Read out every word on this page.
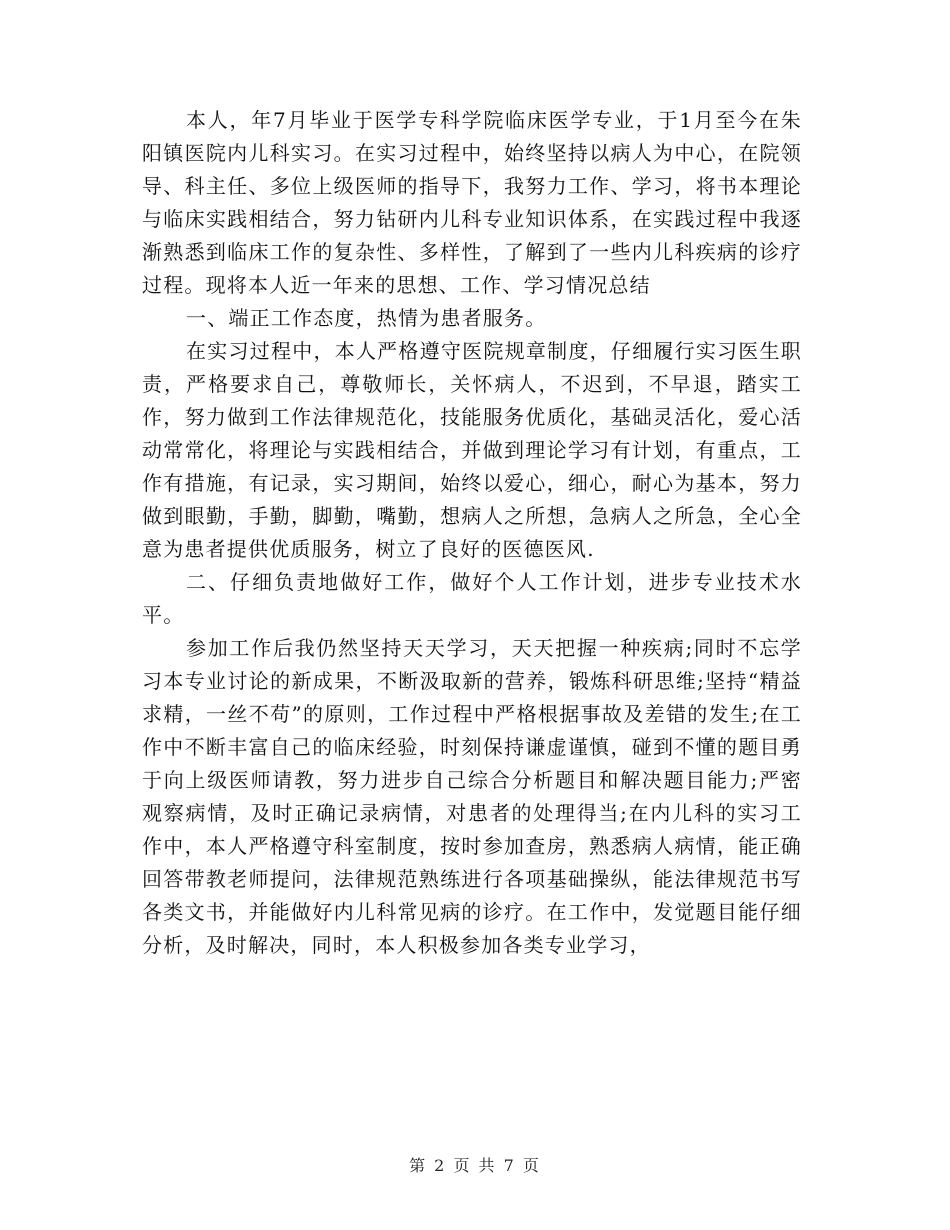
本人，年7月毕业于医学专科学院临床医学专业，于1月至今在朱阳镇医院内儿科实习。在实习过程中，始终坚持以病人为中心，在院领导、科主任、多位上级医师的指导下，我努力工作、学习，将书本理论与临床实践相结合，努力钻研内儿科专业知识体系，在实践过程中我逐渐熟悉到临床工作的复杂性、多样性，了解到了一些内儿科疾病的诊疗过程。现将本人近一年来的思想、工作、学习情况总结

一、端正工作态度，热情为患者服务。

在实习过程中，本人严格遵守医院规章制度，仔细履行实习医生职责，严格要求自己，尊敬师长，关怀病人，不迟到，不早退，踏实工作，努力做到工作法律规范化，技能服务优质化，基础灵活化，爱心活动常常化，将理论与实践相结合，并做到理论学习有计划，有重点，工作有措施，有记录，实习期间，始终以爱心，细心，耐心为基本，努力做到眼勤，手勤，脚勤，嘴勤，想病人之所想，急病人之所急，全心全意为患者提供优质服务，树立了良好的医德医风.

二、仔细负责地做好工作，做好个人工作计划，进步专业技术水平。

参加工作后我仍然坚持天天学习，天天把握一种疾病;同时不忘学习本专业讨论的新成果，不断汲取新的营养，锻炼科研思维;坚持“精益求精，一丝不苟”的原则，工作过程中严格根据事故及差错的发生;在工作中不断丰富自己的临床经验，时刻保持谦虚谨慎，碰到不懂的题目勇于向上级医师请教，努力进步自己综合分析题目和解决题目能力;严密观察病情，及时正确记录病情，对患者的处理得当;在内儿科的实习工作中，本人严格遵守科室制度，按时参加查房，熟悉病人病情，能正确回答带教老师提问，法律规范熟练进行各项基础操纵，能法律规范书写各类文书，并能做好内儿科常见病的诊疗。在工作中，发觉题目能仔细分析，及时解决，同时，本人积极参加各类专业学习，

第 2 页 共 7 页
